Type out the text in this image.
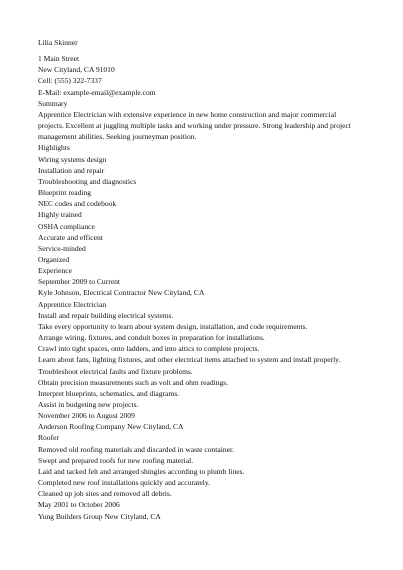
Lilia Skinner
1 Main Street
New Cityland, CA 91010
Cell: (555) 322-7337
E-Mail: example-email@example.com
Summary
Apprentice Electrician with extensive experience in new home construction and major commercial projects. Excellent at juggling multiple tasks and working under pressure. Strong leadership and project management abilities. Seeking journeyman position.
Highlights
Wiring systems design
Installation and repair
Troubleshooting and diagnostics
Blueprint reading
NEC codes and codebook
Highly trained
OSHA compliance
Accurate and efficent
Service-minded
Organized
Experience
September 2009 to Current
Kyle Johnson, Electrical Contractor New Cityland, CA
Apprentice Electrician
Install and repair building electrical systems.
Take every opportunity to learn about system design, installation, and code requirements.
Arrange wiring, fixtures, and conduit boxes in preparation for installations.
Crawl into tight spaces, onto ladders, and into attics to complete projects.
Learn about fans, lighting fixtures, and other electrical items attached to system and install properly.
Troubleshoot electrical faults and fixture problems.
Obtain precision measurements such as volt and ohm readings.
Interpret blueprints, schematics, and diagrams.
Assist in budgeting new projects.
November 2006 to August 2009
Anderson Roofing Company New Cityland, CA
Roofer
Removed old roofing materials and discarded in waste container.
Swept and prepared roofs for new roofing material.
Laid and tacked felt and arranged shingles according to plumb lines.
Completed new roof installations quickly and accurately.
Cleaned up job sites and removed all debris.
May 2001 to October 2006
Yung Builders Group New Cityland, CA
